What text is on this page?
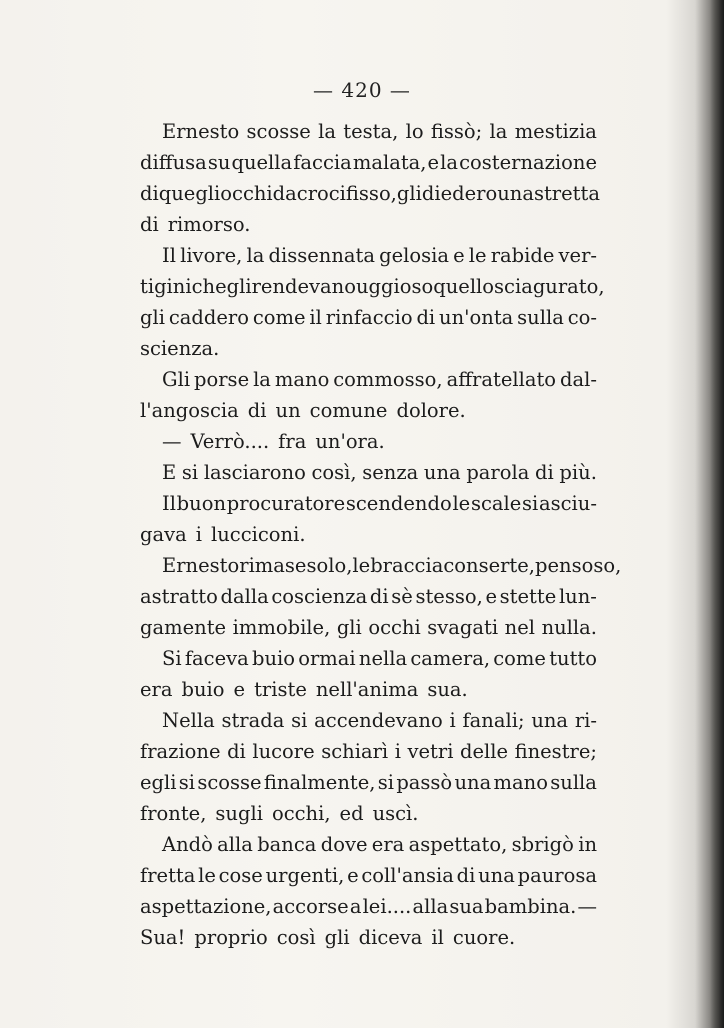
— 420 —
Ernesto scosse la testa, lo fissò; la mestizia
diffusa su quella faccia malata, e la costernazione
di quegli occhi da crocifisso, gli diedero una stretta
di rimorso.
Il livore, la dissennata gelosia e le rabide ver-
tigini che gli rendevano uggioso quello sciagurato,
gli caddero come il rinfaccio di un'onta sulla co-
scienza.
Gli porse la mano commosso, affratellato dal-
l'angoscia di un comune dolore.
— Verrò.... fra un'ora.
E si lasciarono così, senza una parola di più.
Il buon procuratore scendendo le scale si asciu-
gava i lucciconi.
Ernesto rimase solo, le braccia conserte, pensoso,
astratto dalla coscienza di sè stesso, e stette lun-
gamente immobile, gli occhi svagati nel nulla.
Si faceva buio ormai nella camera, come tutto
era buio e triste nell'anima sua.
Nella strada si accendevano i fanali; una ri-
frazione di lucore schiarì i vetri delle finestre;
egli si scosse finalmente, si passò una mano sulla
fronte, sugli occhi, ed uscì.
Andò alla banca dove era aspettato, sbrigò in
fretta le cose urgenti, e coll'ansia di una paurosa
aspettazione, accorse a lei.... alla sua bambina. —
Sua! proprio così gli diceva il cuore.
